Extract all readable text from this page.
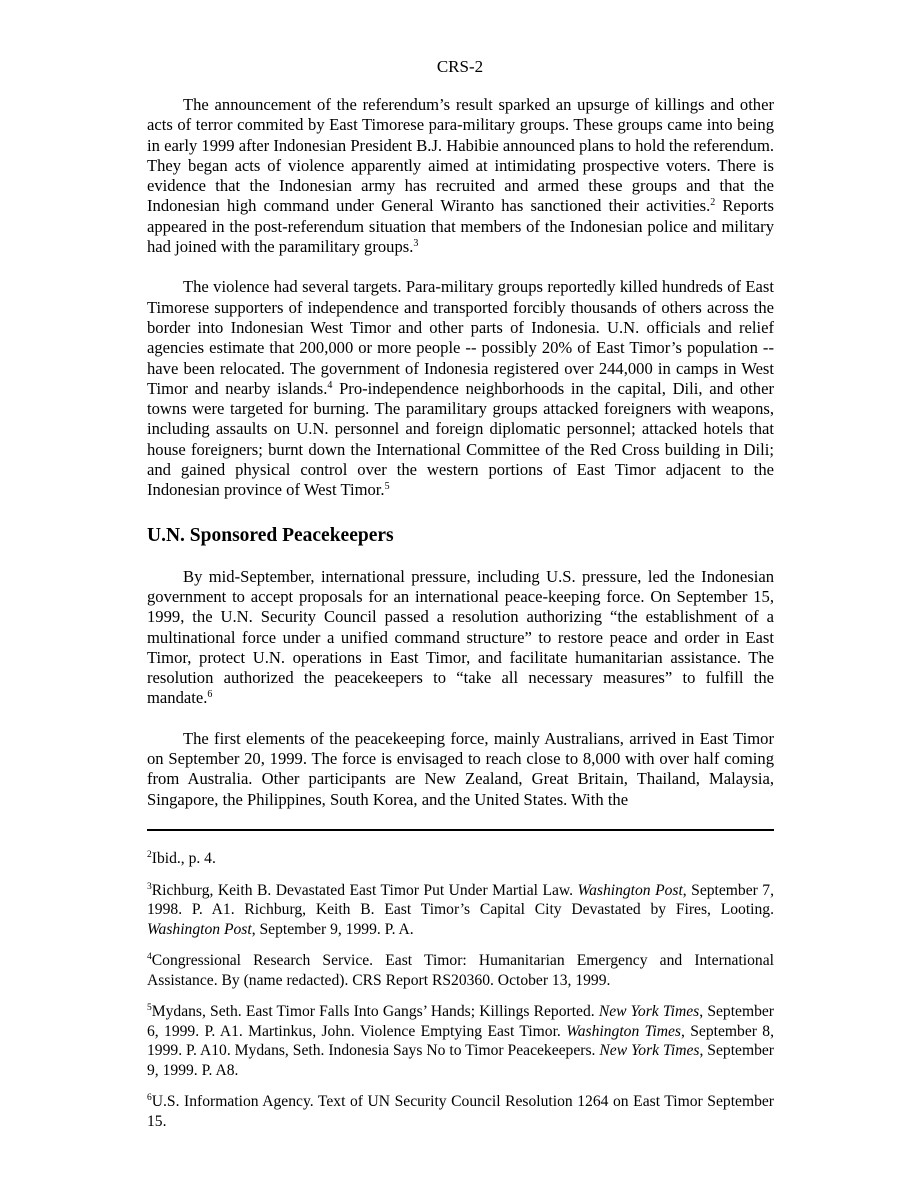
CRS-2

The announcement of the referendum’s result sparked an upsurge of killings and other acts of terror commited by East Timorese para-military groups. These groups came into being in early 1999 after Indonesian President B.J. Habibie announced plans to hold the referendum. They began acts of violence apparently aimed at intimidating prospective voters. There is evidence that the Indonesian army has recruited and armed these groups and that the Indonesian high command under General Wiranto has sanctioned their activities.$^2$ Reports appeared in the post-referendum situation that members of the Indonesian police and military had joined with the paramilitary groups.$^3$

The violence had several targets. Para-military groups reportedly killed hundreds of East Timorese supporters of independence and transported forcibly thousands of others across the border into Indonesian West Timor and other parts of Indonesia. U.N. officials and relief agencies estimate that 200,000 or more people -- possibly 20% of East Timor’s population -- have been relocated. The government of Indonesia registered over 244,000 in camps in West Timor and nearby islands.$^4$ Pro-independence neighborhoods in the capital, Dili, and other towns were targeted for burning. The paramilitary groups attacked foreigners with weapons, including assaults on U.N. personnel and foreign diplomatic personnel; attacked hotels that house foreigners; burnt down the International Committee of the Red Cross building in Dili; and gained physical control over the western portions of East Timor adjacent to the Indonesian province of West Timor.$^5$

U.N. Sponsored Peacekeepers

By mid-September, international pressure, including U.S. pressure, led the Indonesian government to accept proposals for an international peace-keeping force. On September 15, 1999, the U.N. Security Council passed a resolution authorizing “the establishment of a multinational force under a unified command structure” to restore peace and order in East Timor, protect U.N. operations in East Timor, and facilitate humanitarian assistance. The resolution authorized the peacekeepers to “take all necessary measures” to fulfill the mandate.$^6$

The first elements of the peacekeeping force, mainly Australians, arrived in East Timor on September 20, 1999. The force is envisaged to reach close to 8,000 with over half coming from Australia. Other participants are New Zealand, Great Britain, Thailand, Malaysia, Singapore, the Philippines, South Korea, and the United States. With the

$^2$Ibid., p. 4.

$^3$Richburg, Keith B. Devastated East Timor Put Under Martial Law. Washington Post, September 7, 1998. P. A1. Richburg, Keith B. East Timor’s Capital City Devastated by Fires, Looting. Washington Post, September 9, 1999. P. A.

$^4$Congressional Research Service. East Timor: Humanitarian Emergency and International Assistance. By (name redacted). CRS Report RS20360. October 13, 1999.

$^5$Mydans, Seth. East Timor Falls Into Gangs’ Hands; Killings Reported. New York Times, September 6, 1999. P. A1. Martinkus, John. Violence Emptying East Timor. Washington Times, September 8, 1999. P. A10. Mydans, Seth. Indonesia Says No to Timor Peacekeepers. New York Times, September 9, 1999. P. A8.

$^6$U.S. Information Agency. Text of UN Security Council Resolution 1264 on East Timor September 15.
